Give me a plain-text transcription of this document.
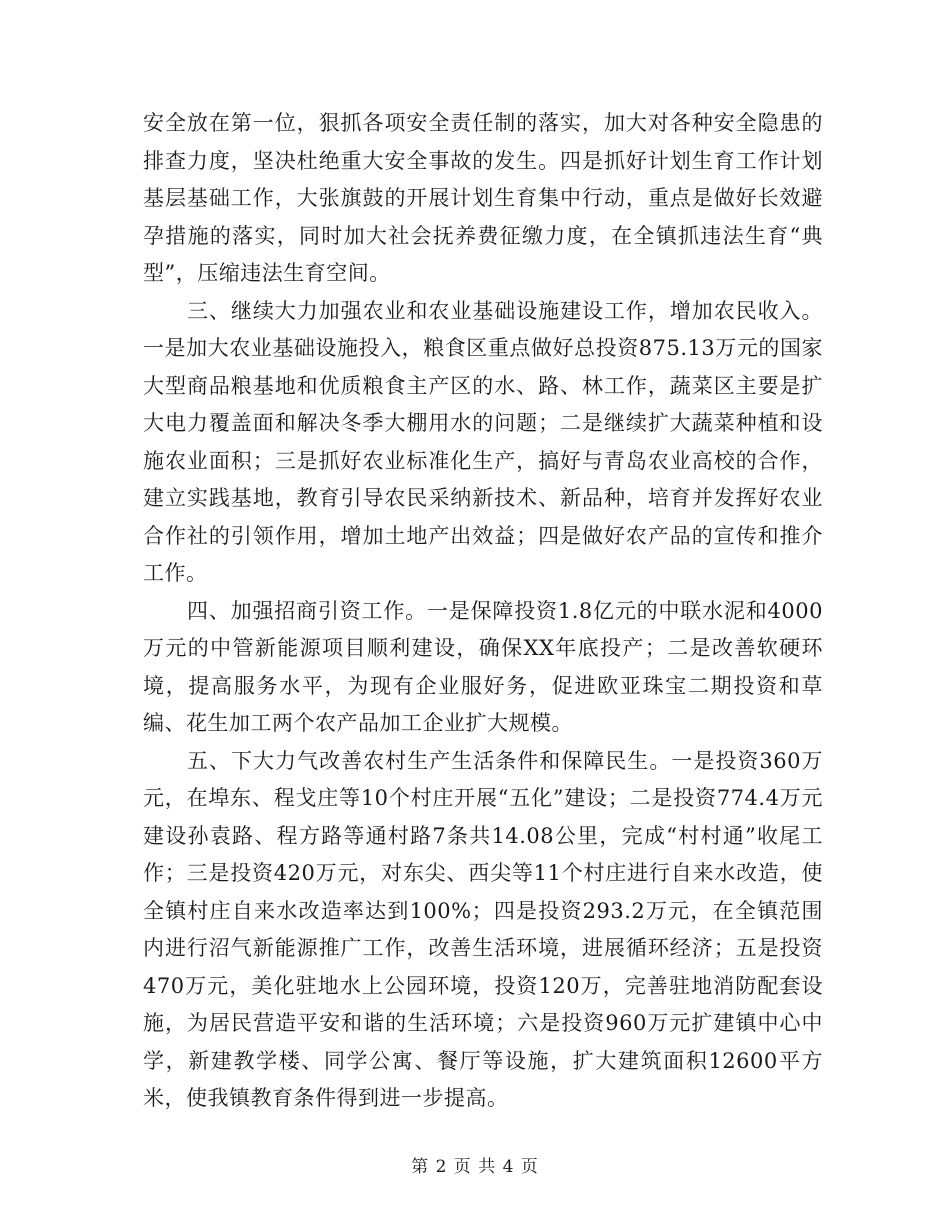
安全放在第一位，狠抓各项安全责任制的落实，加大对各种安全隐患的排查力度，坚决杜绝重大安全事故的发生。四是抓好计划生育工作计划基层基础工作，大张旗鼓的开展计划生育集中行动，重点是做好长效避孕措施的落实，同时加大社会抚养费征缴力度，在全镇抓违法生育“典型”，压缩违法生育空间。

三、继续大力加强农业和农业基础设施建设工作，增加农民收入。一是加大农业基础设施投入，粮食区重点做好总投资875.13万元的国家大型商品粮基地和优质粮食主产区的水、路、林工作，蔬菜区主要是扩大电力覆盖面和解决冬季大棚用水的问题；二是继续扩大蔬菜种植和设施农业面积；三是抓好农业标准化生产，搞好与青岛农业高校的合作，建立实践基地，教育引导农民采纳新技术、新品种，培育并发挥好农业合作社的引领作用，增加土地产出效益；四是做好农产品的宣传和推介工作。

四、加强招商引资工作。一是保障投资1.8亿元的中联水泥和4000万元的中管新能源项目顺利建设，确保XX年底投产；二是改善软硬环境，提高服务水平，为现有企业服好务，促进欧亚珠宝二期投资和草编、花生加工两个农产品加工企业扩大规模。

五、下大力气改善农村生产生活条件和保障民生。一是投资360万元，在埠东、程戈庄等10个村庄开展“五化”建设；二是投资774.4万元建设孙袁路、程方路等通村路7条共14.08公里，完成“村村通”收尾工作；三是投资420万元，对东尖、西尖等11个村庄进行自来水改造，使全镇村庄自来水改造率达到100%；四是投资293.2万元，在全镇范围内进行沼气新能源推广工作，改善生活环境，进展循环经济；五是投资470万元，美化驻地水上公园环境，投资120万，完善驻地消防配套设施，为居民营造平安和谐的生活环境；六是投资960万元扩建镇中心中学，新建教学楼、同学公寓、餐厅等设施，扩大建筑面积12600平方米，使我镇教育条件得到进一步提高。

第 2 页 共 4 页
